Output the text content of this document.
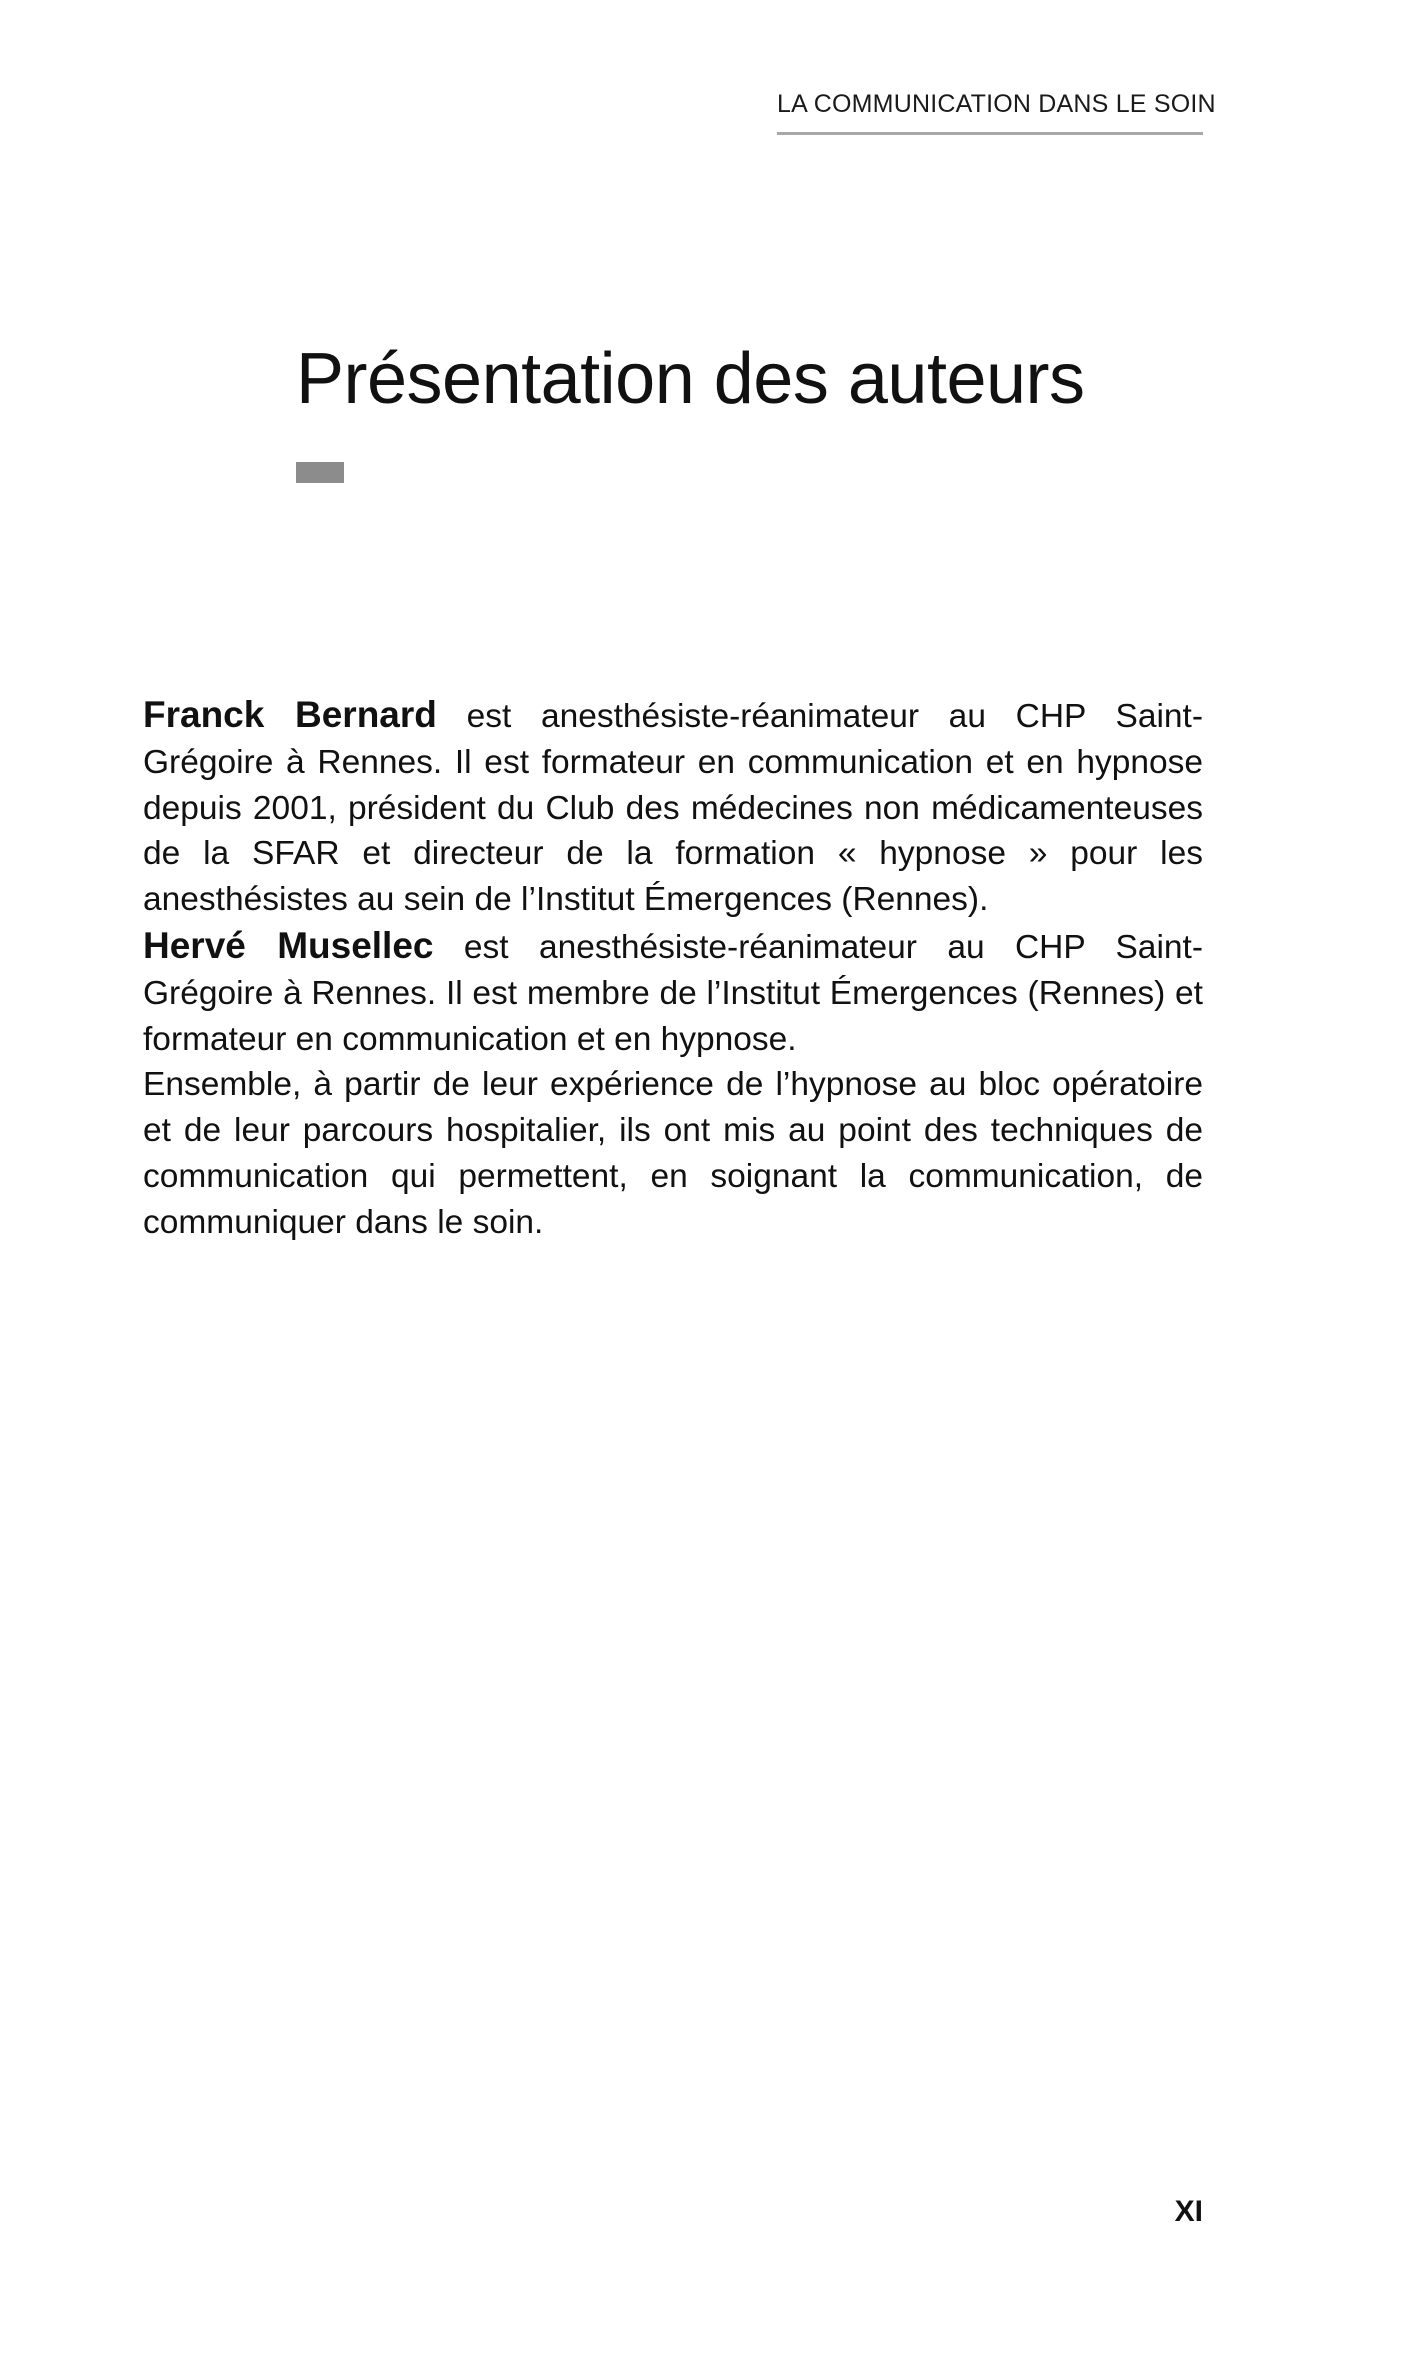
LA COMMUNICATION DANS LE SOIN
Présentation des auteurs

Franck Bernard est anesthésiste-réanimateur au CHP Saint-Grégoire à Rennes. Il est formateur en communication et en hypnose depuis 2001, président du Club des médecines non médicamenteuses de la SFAR et directeur de la formation « hypnose » pour les anesthésistes au sein de l’Institut Émergences (Rennes).

Hervé Musellec est anesthésiste-réanimateur au CHP Saint-Grégoire à Rennes. Il est membre de l’Institut Émergences (Rennes) et formateur en communication et en hypnose.

Ensemble, à partir de leur expérience de l’hypnose au bloc opératoire et de leur parcours hospitalier, ils ont mis au point des techniques de communication qui permettent, en soignant la communication, de communiquer dans le soin.

XI
